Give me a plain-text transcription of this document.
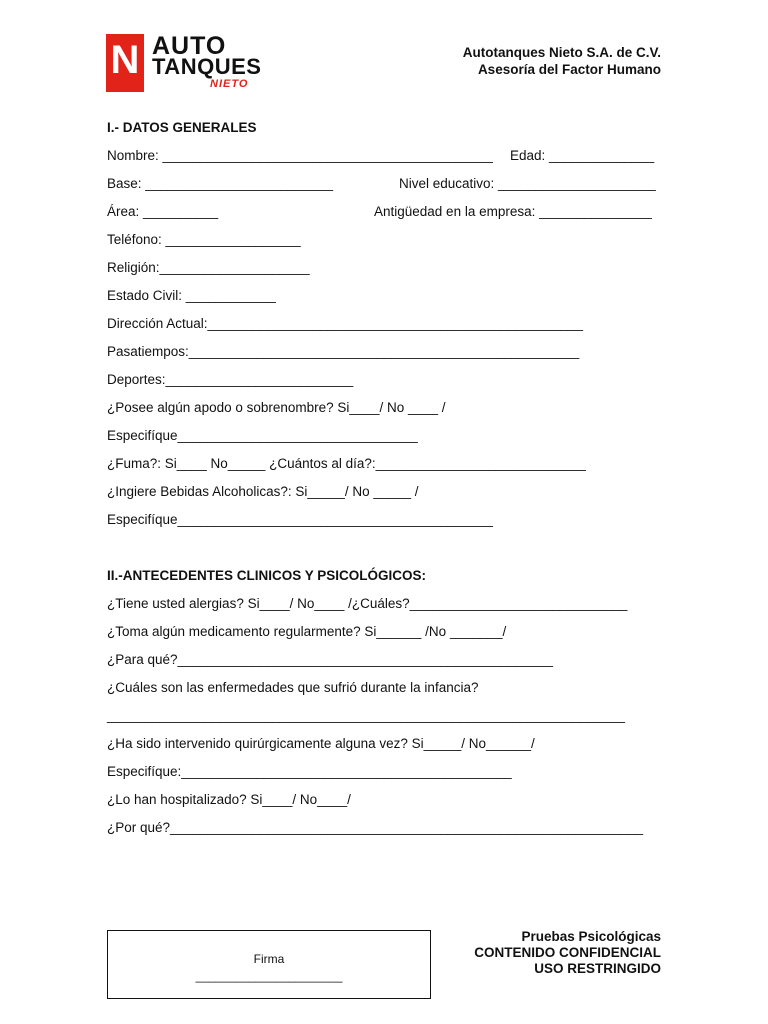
N AUTO
TANQUES
NIETO
Autotanques Nieto S.A. de C.V.
Asesoría del Factor Humano
I.- DATOS GENERALES
Nombre: ____________________________________________ Edad: ______________
Base: _________________________	Nivel educativo: _____________________
Área: __________	Antigüedad en la empresa: _______________
Teléfono: __________________
Religión:____________________
Estado Civil: ____________
Dirección Actual:__________________________________________________
Pasatiempos:____________________________________________________
Deportes:_________________________
¿Posee algún apodo o sobrenombre? Si____/ No ____ /
Especifíque________________________________
¿Fuma?: Si____ No_____ ¿Cuántos al día?:____________________________
¿Ingiere Bebidas Alcoholicas?: Si_____/ No _____ /
Especifíque__________________________________________
II.-ANTECEDENTES CLINICOS Y PSICOLÓGICOS:
¿Tiene usted alergias? Si____/ No____ /¿Cuáles?_____________________________
¿Toma algún medicamento regularmente? Si______ /No _______/
¿Para qué?__________________________________________________
¿Cuáles son las enfermedades que sufrió durante la infancia?
_____________________________________________________________________
¿Ha sido intervenido quirúrgicamente alguna vez? Si_____/ No______/
Especifíque:____________________________________________
¿Lo han hospitalizado? Si____/ No____/
¿Por qué?_______________________________________________________________
Firma
______________________
Pruebas Psicológicas
CONTENIDO CONFIDENCIAL
USO RESTRINGIDO
